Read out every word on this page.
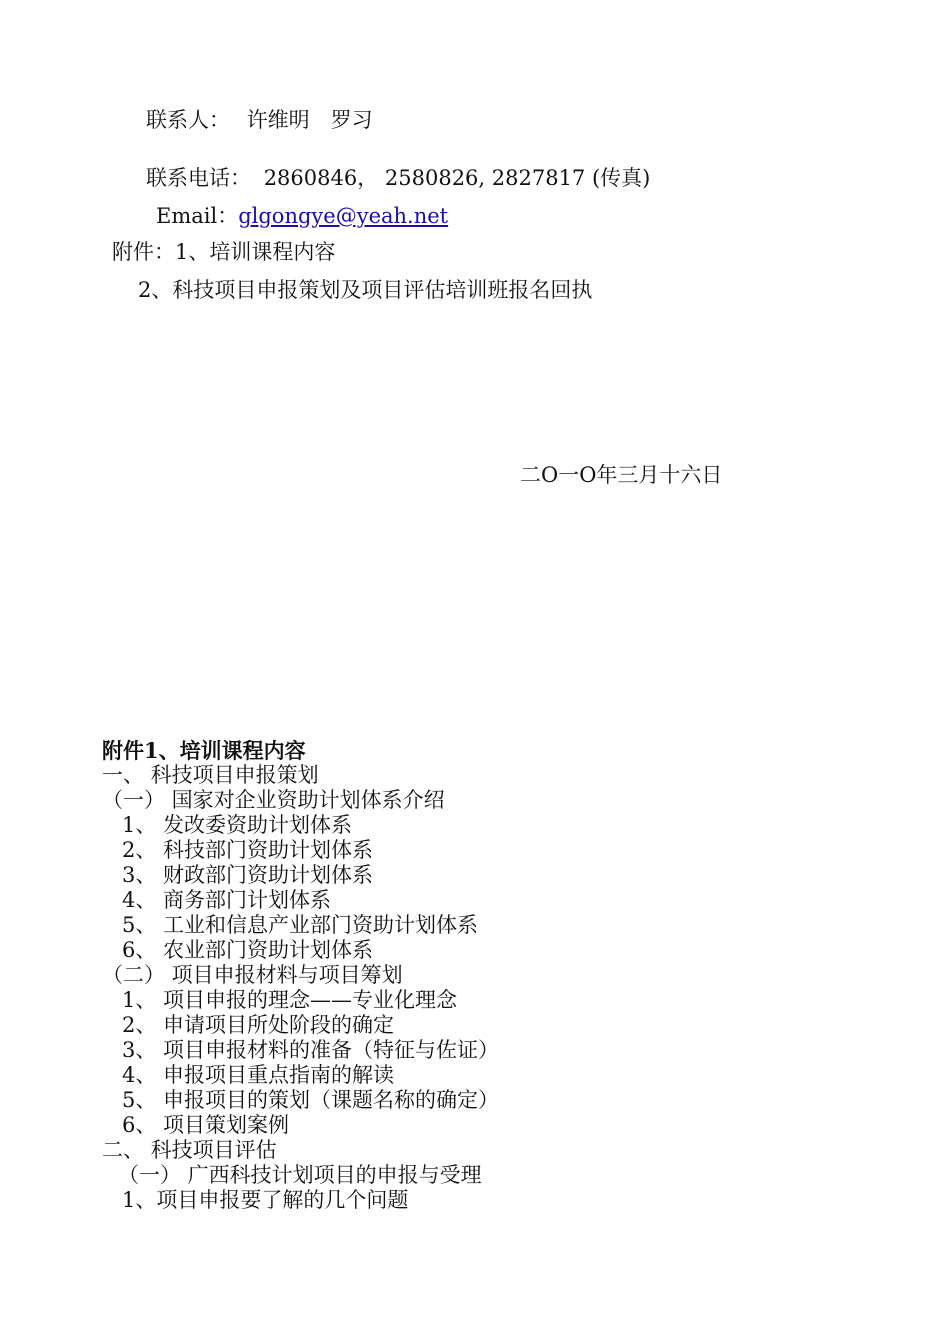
联系人： 许维明　罗习
联系电话： 2860846， 2580826, 2827817 (传真)
Email：glgongye@yeah.net
附件：1、培训课程内容
2、科技项目申报策划及项目评估培训班报名回执
二O一O年三月十六日
附件1、培训课程内容
一、 科技项目申报策划
（一） 国家对企业资助计划体系介绍
1、 发改委资助计划体系
2、 科技部门资助计划体系
3、 财政部门资助计划体系
4、 商务部门计划体系
5、 工业和信息产业部门资助计划体系
6、 农业部门资助计划体系
（二） 项目申报材料与项目筹划
1、 项目申报的理念——专业化理念
2、 申请项目所处阶段的确定
3、 项目申报材料的准备（特征与佐证）
4、 申报项目重点指南的解读
5、 申报项目的策划（课题名称的确定）
6、 项目策划案例
二、 科技项目评估
（一） 广西科技计划项目的申报与受理
1、项目申报要了解的几个问题
